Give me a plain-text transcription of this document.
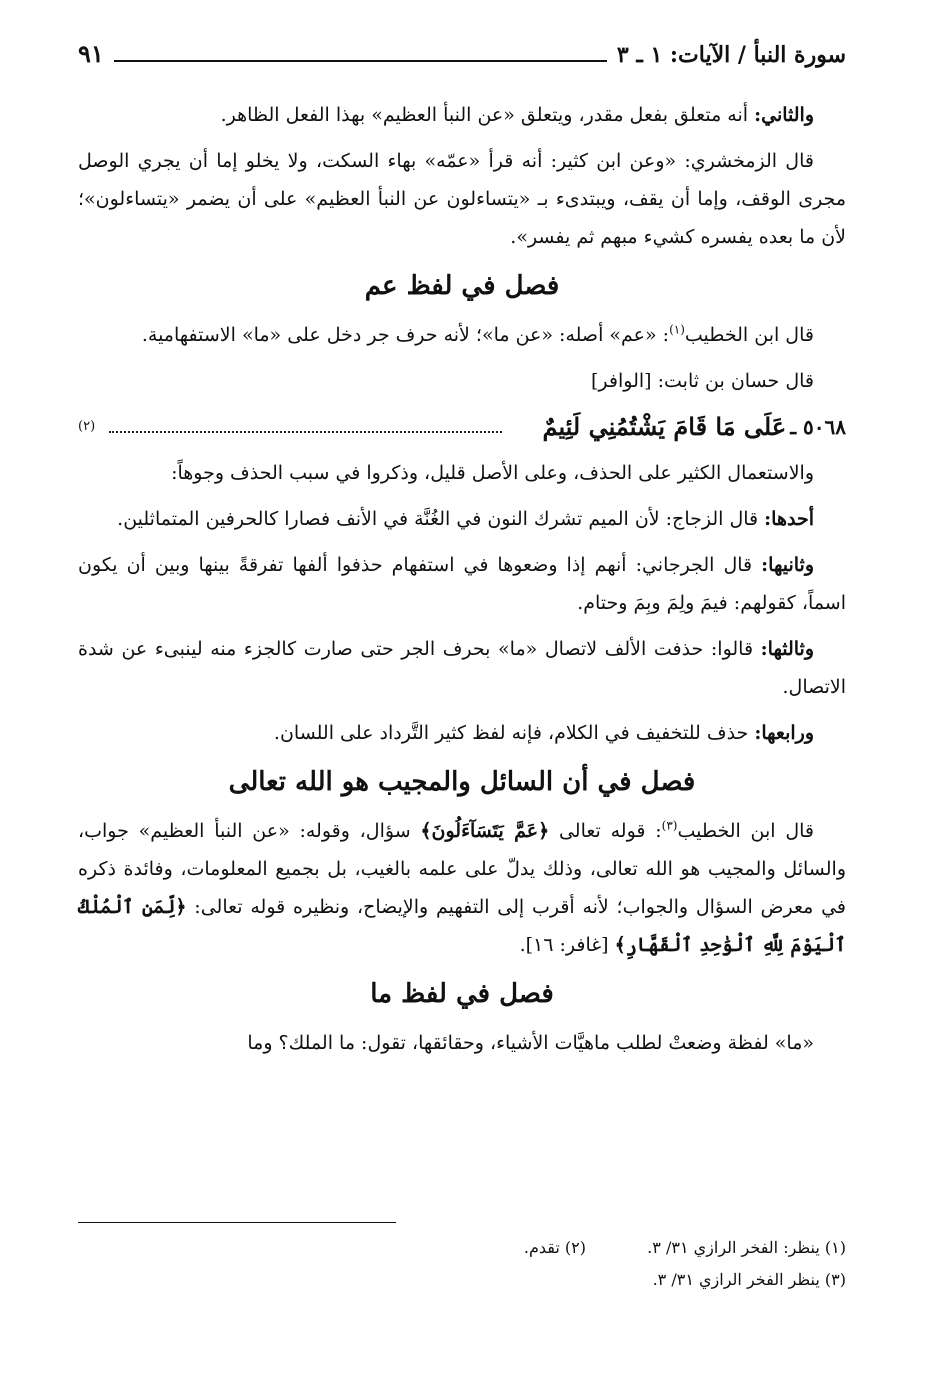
سورة النبأ / الآيات: ١ ـ ٣
٩١

والثاني: أنه متعلق بفعل مقدر، ويتعلق «عن النبأ العظيم» بهذا الفعل الظاهر.

قال الزمخشري: «وعن ابن كثير: أنه قرأ «عمّه» بهاء السكت، ولا يخلو إما أن يجري الوصل مجرى الوقف، وإما أن يقف، ويبتدىء بـ «يتساءلون عن النبأ العظيم» على أن يضمر «يتساءلون»؛ لأن ما بعده يفسره كشيء مبهم ثم يفسر».

فصل في لفظ عم

قال ابن الخطيب$^{(١)}$: «عم» أصله: «عن ما»؛ لأنه حرف جر دخل على «ما» الاستفهامية.

قال حسان بن ثابت: [الوافر]

٥٠٦٨ ـ
عَلَى مَا قَامَ يَشْتُمُنِي لَئِيمٌ
(٢)

والاستعمال الكثير على الحذف، وعلى الأصل قليل، وذكروا في سبب الحذف وجوهاً:

أحدها: قال الزجاج: لأن الميم تشرك النون في الغُنَّة في الأنف فصارا كالحرفين المتماثلين.

وثانيها: قال الجرجاني: أنهم إذا وضعوها في استفهام حذفوا ألفها تفرقةً بينها وبين أن يكون اسماً، كقولهم: فيمَ ولِمَ وبِمَ وحتام.

وثالثها: قالوا: حذفت الألف لاتصال «ما» بحرف الجر حتى صارت كالجزء منه لينبىء عن شدة الاتصال.

ورابعها: حذف للتخفيف في الكلام، فإنه لفظ كثير التَّرداد على اللسان.

فصل في أن السائل والمجيب هو الله تعالى

قال ابن الخطيب$^{(٣)}$: قوله تعالى ﴿عَمَّ يَتَسَآءَلُونَ﴾ سؤال، وقوله: «عن النبأ العظيم» جواب، والسائل والمجيب هو الله تعالى، وذلك يدلّ على علمه بالغيب، بل بجميع المعلومات، وفائدة ذكره في معرض السؤال والجواب؛ لأنه أقرب إلى التفهيم والإيضاح، ونظيره قوله تعالى: ﴿لِّمَنِ ٱلْمُلْكُ ٱلْيَوْمَ لِلَّهِ ٱلْوَٰحِدِ ٱلْقَهَّارِ﴾ [غافر: ١٦].

فصل في لفظ ما

«ما» لفظة وضعتْ لطلب ماهيَّات الأشياء، وحقائقها، تقول: ما الملك؟ وما

(١) ينظر: الفخر الرازي ٣١/ ٣.
(٢) تقدم.
(٣) ينظر الفخر الرازي ٣١/ ٣.
